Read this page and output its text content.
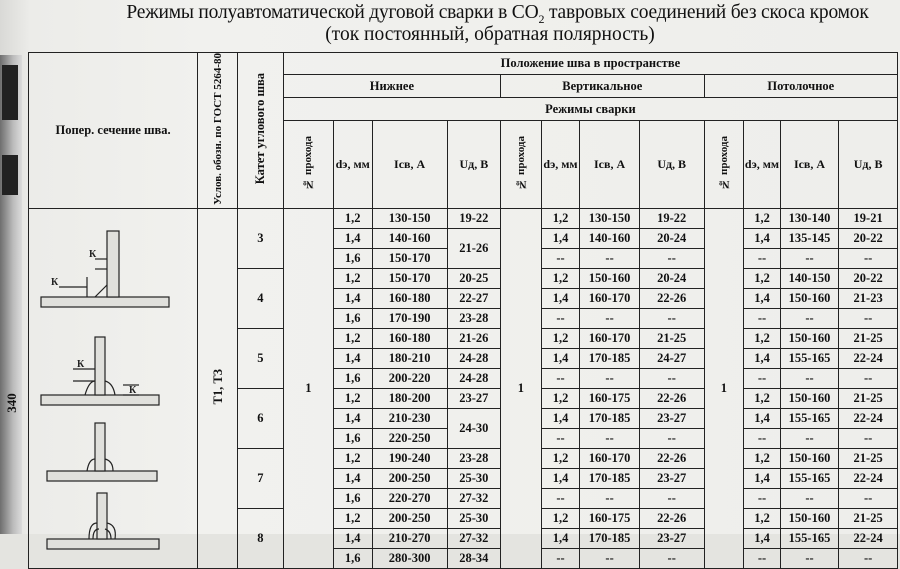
340
Режимы полуавтоматической дуговой сварки в $СО_2$ тавровых соединений без скоса кромок
(ток постоянный, обратная полярность)
Попер. сечение шва.	Услов. обозн. по ГОСТ 5264-80	Катет углового шва	Положение шва в пространстве											
			Нижнее				Вертикальное				Потолочное			
			Режимы сварки											
			№ прохода	dэ, мм	Iсв, А	Uд, В	№ прохода	dэ, мм	Iсв, А	Uд, В	№ прохода	dэ, мм	Iсв, А	Uд, В

К
К
К
К	Т1, Т3	3	1	1,2	130-150	19-22	1	1,2	130-150	19-22	1	1,2	130-140	19-21
				1,4	140-160	21-26		1,4	140-160	20-24		1,4	135-145	20-22
				1,6	150-170			--	--	--		--	--	--
		4		1,2	150-170	20-25		1,2	150-160	20-24		1,2	140-150	20-22
				1,4	160-180	22-27		1,4	160-170	22-26		1,4	150-160	21-23
				1,6	170-190	23-28		--	--	--		--	--	--
		5		1,2	160-180	21-26		1,2	160-170	21-25		1,2	150-160	21-25
				1,4	180-210	24-28		1,4	170-185	24-27		1,4	155-165	22-24
				1,6	200-220	24-28		--	--	--		--	--	--
		6		1,2	180-200	23-27		1,2	160-175	22-26		1,2	150-160	21-25
				1,4	210-230	24-30		1,4	170-185	23-27		1,4	155-165	22-24
				1,6	220-250			--	--	--		--	--	--
		7		1,2	190-240	23-28		1,2	160-170	22-26		1,2	150-160	21-25
				1,4	200-250	25-30		1,4	170-185	23-27		1,4	155-165	22-24
				1,6	220-270	27-32		--	--	--		--	--	--
		8		1,2	200-250	25-30		1,2	160-175	22-26		1,2	150-160	21-25
				1,4	210-270	27-32		1,4	170-185	23-27		1,4	155-165	22-24
				1,6	280-300	28-34		--	--	--		--	--	--
